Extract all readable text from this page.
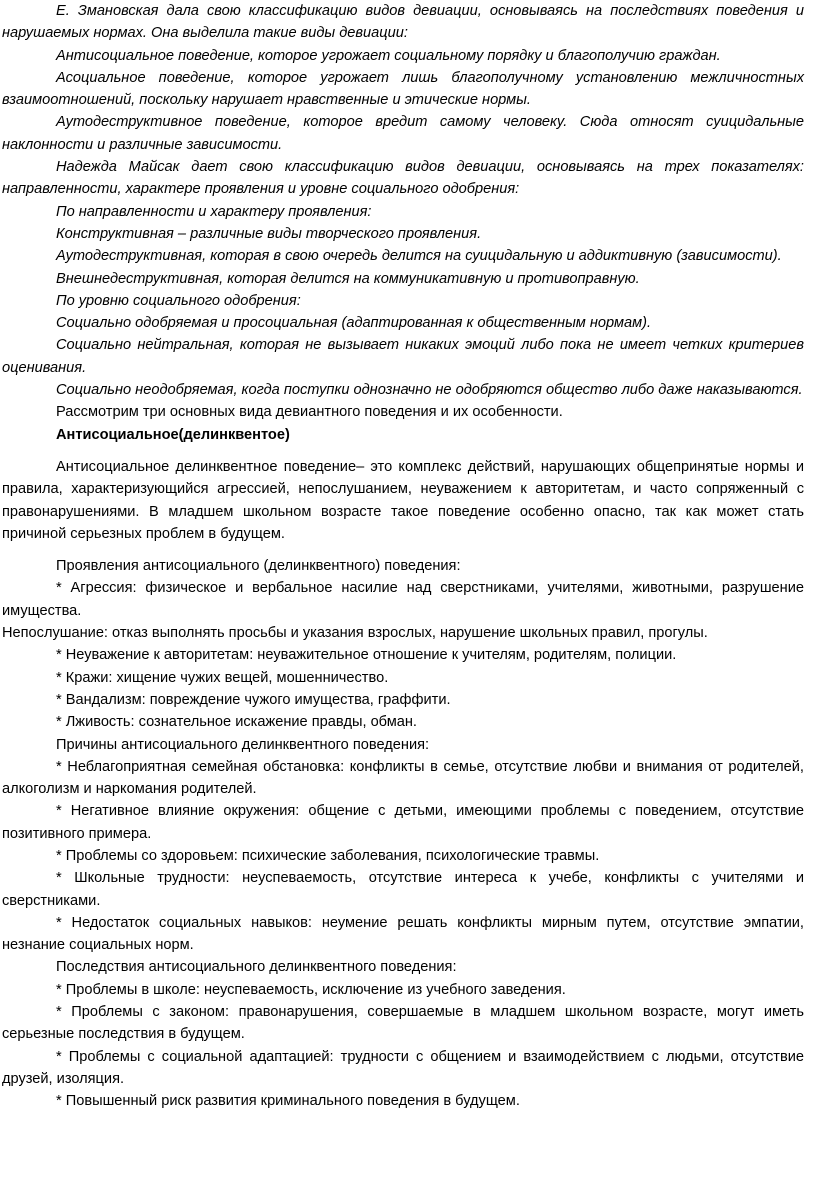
Е. Змановская дала свою классификацию видов девиации, основываясь на последствиях поведения и нарушаемых нормах. Она выделила такие виды девиации:

Антисоциальное поведение, которое угрожает социальному порядку и благополучию граждан.

Асоциальное поведение, которое угрожает лишь благополучному установлению межличностных взаимоотношений, поскольку нарушает нравственные и этические нормы.

Аутодеструктивное поведение, которое вредит самому человеку. Сюда относят суицидальные наклонности и различные зависимости.

Надежда Майсак дает свою классификацию видов девиации, основываясь на трех показателях: направленности, характере проявления и уровне социального одобрения:

По направленности и характеру проявления:

Конструктивная – различные виды творческого проявления.

Аутодеструктивная, которая в свою очередь делится на суицидальную и аддиктивную (зависимости).

Внешнедеструктивная, которая делится на коммуникативную и противоправную.

По уровню социального одобрения:

Социально одобряемая и просоциальная (адаптированная к общественным нормам).

Социально нейтральная, которая не вызывает никаких эмоций либо пока не имеет четких критериев оценивания.

Социально неодобряемая, когда поступки однозначно не одобряются общество либо даже наказываются.

Рассмотрим три основных вида девиантного поведения и их особенности.

Антисоциальное(делинквентое)

Антисоциальное делинквентное поведение– это комплекс действий, нарушающих общепринятые нормы и правила, характеризующийся агрессией, непослушанием, неуважением к авторитетам, и часто сопряженный с правонарушениями. В младшем школьном возрасте такое поведение особенно опасно, так как может стать причиной серьезных проблем в будущем.

Проявления антисоциального (делинквентного) поведения:

* Агрессия: физическое и вербальное насилие над сверстниками, учителями, животными, разрушение имущества.

Непослушание: отказ выполнять просьбы и указания взрослых, нарушение школьных правил, прогулы.

* Неуважение к авторитетам: неуважительное отношение к учителям, родителям, полиции.

* Кражи: хищение чужих вещей, мошенничество.

* Вандализм: повреждение чужого имущества, граффити.

* Лживость: сознательное искажение правды, обман.

Причины антисоциального делинквентного поведения:

* Неблагоприятная семейная обстановка: конфликты в семье, отсутствие любви и внимания от родителей, алкоголизм и наркомания родителей.

* Негативное влияние окружения: общение с детьми, имеющими проблемы с поведением, отсутствие позитивного примера.

* Проблемы со здоровьем: психические заболевания, психологические травмы.

* Школьные трудности: неуспеваемость, отсутствие интереса к учебе, конфликты с учителями и сверстниками.

* Недостаток социальных навыков: неумение решать конфликты мирным путем, отсутствие эмпатии, незнание социальных норм.

Последствия антисоциального делинквентного поведения:

* Проблемы в школе: неуспеваемость, исключение из учебного заведения.

* Проблемы с законом: правонарушения, совершаемые в младшем школьном возрасте, могут иметь серьезные последствия в будущем.

* Проблемы с социальной адаптацией: трудности с общением и взаимодействием с людьми, отсутствие друзей, изоляция.

* Повышенный риск развития криминального поведения в будущем.
